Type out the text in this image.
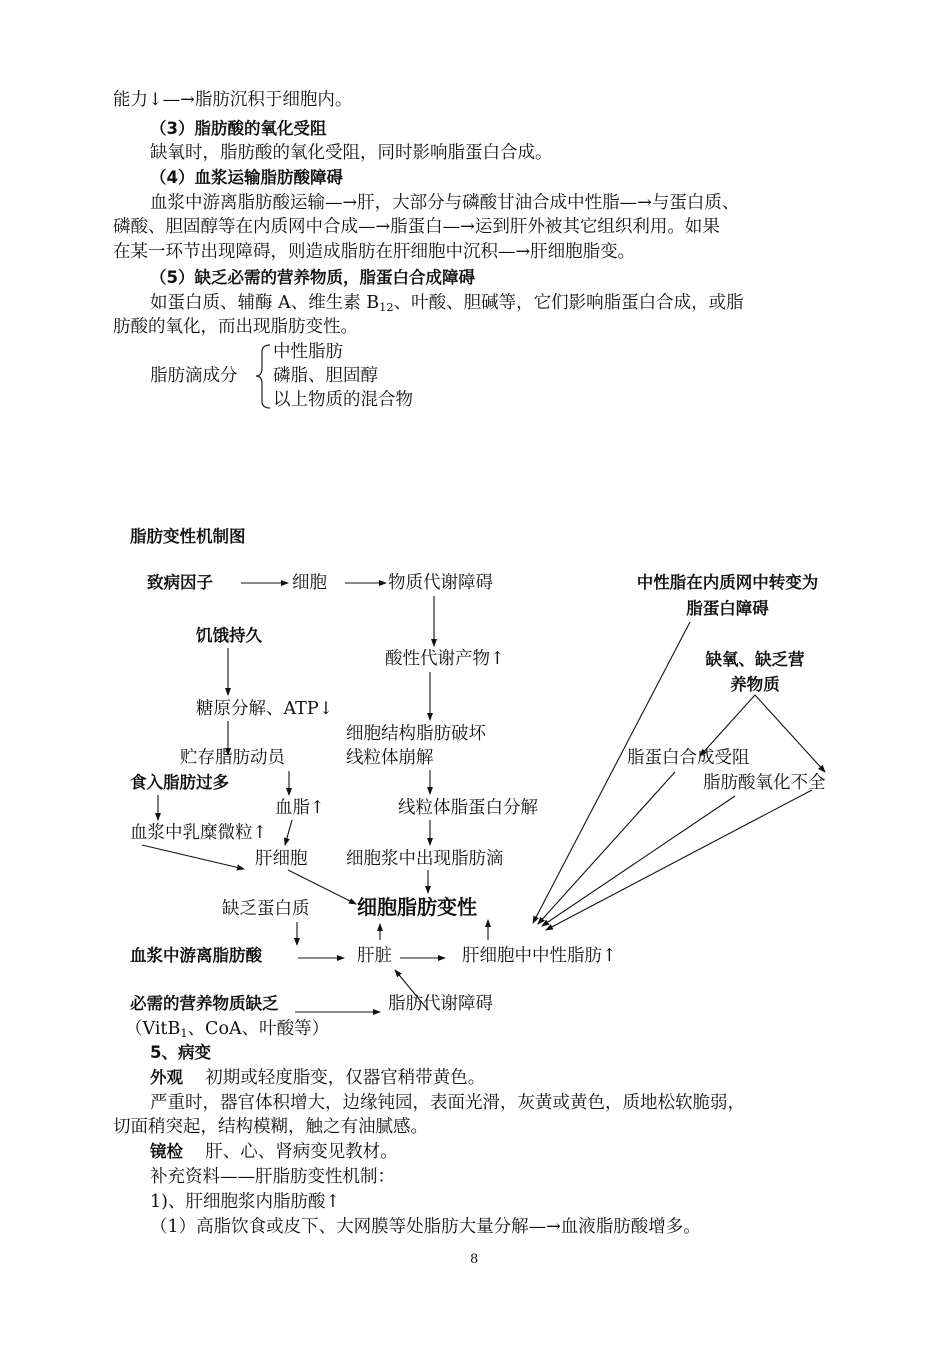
能力↓—→脂肪沉积于细胞内。
（3）脂肪酸的氧化受阻
缺氧时，脂肪酸的氧化受阻，同时影响脂蛋白合成。
（4）血浆运输脂肪酸障碍
血浆中游离脂肪酸运输—→肝，大部分与磷酸甘油合成中性脂—→与蛋白质、
磷酸、胆固醇等在内质网中合成—→脂蛋白—→运到肝外被其它组织利用。如果
在某一环节出现障碍，则造成脂肪在肝细胞中沉积—→肝细胞脂变。
（5）缺乏必需的营养物质，脂蛋白合成障碍
如蛋白质、辅酶 A、维生素 $B_{12}$、叶酸、胆碱等，它们影响脂蛋白合成，或脂
肪酸的氧化，而出现脂肪变性。
脂肪滴成分
中性脂肪
磷脂、胆固醇
以上物质的混合物
脂肪变性机制图
致病因子	细胞	物质代谢障碍	中性脂在内质网中转变为
脂蛋白障碍
饥饿持久
酸性代谢产物↑	缺氧、缺乏营
养物质
糖原分解、ATP↓
细胞结构脂肪破坏
线粒体崩解
贮存脂肪动员	脂蛋白合成受阻
食入脂肪过多	脂肪酸氧化不全
血脂↑	线粒体脂蛋白分解
血浆中乳糜微粒↑
肝细胞 细胞浆中出现脂肪滴
缺乏蛋白质 细胞脂肪变性
血浆中游离脂肪酸	肝脏	肝细胞中中性脂肪↑
必需的营养物质缺乏	脂肪代谢障碍
（VitB$_1$、CoA、叶酸等）
5、病变
外观 初期或轻度脂变，仅器官稍带黄色。
严重时，器官体积增大，边缘钝园，表面光滑，灰黄或黄色，质地松软脆弱，
切面稍突起，结构模糊，触之有油腻感。
镜检 肝、心、肾病变见教材。
补充资料——肝脂肪变性机制：
1)、肝细胞浆内脂肪酸↑
（1）高脂饮食或皮下、大网膜等处脂肪大量分解—→血液脂肪酸增多。
8
